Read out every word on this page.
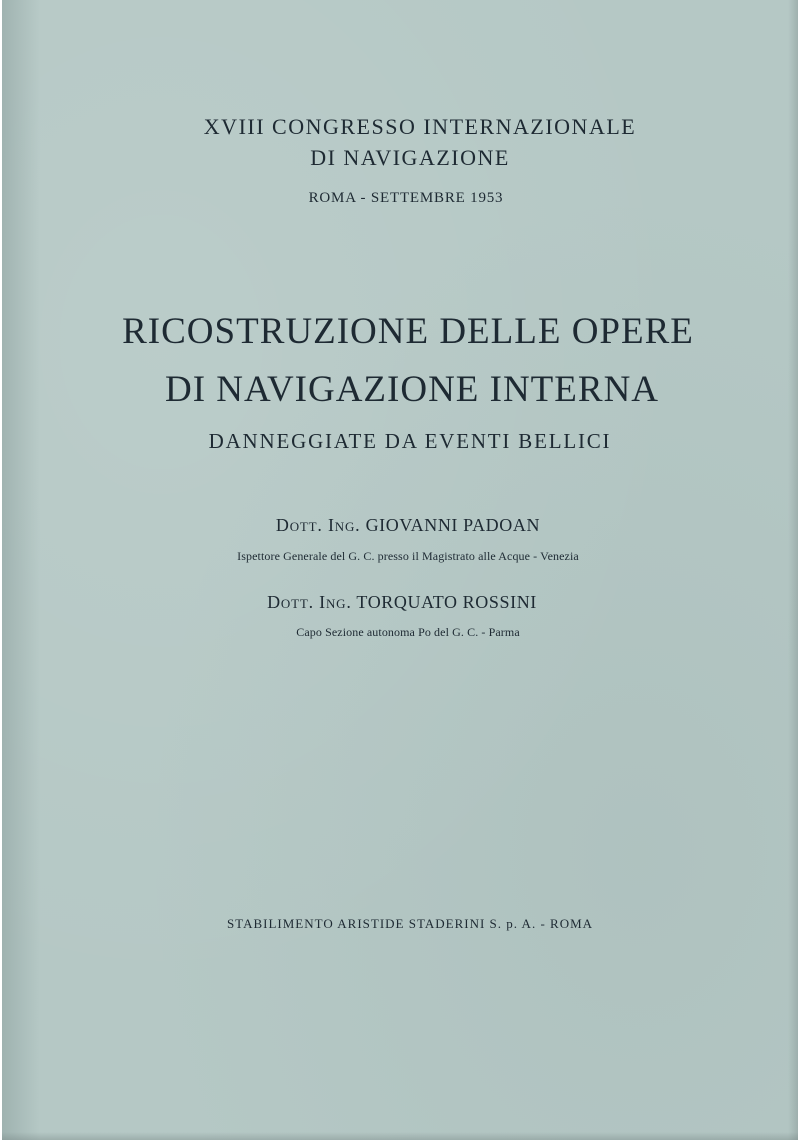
XVIII CONGRESSO INTERNAZIONALE

DI NAVIGAZIONE

ROMA - SETTEMBRE 1953

RICOSTRUZIONE DELLE OPERE

DI NAVIGAZIONE INTERNA

DANNEGGIATE DA EVENTI BELLICI

Dott. Ing. GIOVANNI PADOAN

Ispettore Generale del G. C. presso il Magistrato alle Acque - Venezia

Dott. Ing. TORQUATO ROSSINI

Capo Sezione autonoma Po del G. C. - Parma

STABILIMENTO ARISTIDE STADERINI S. p. A. - ROMA
